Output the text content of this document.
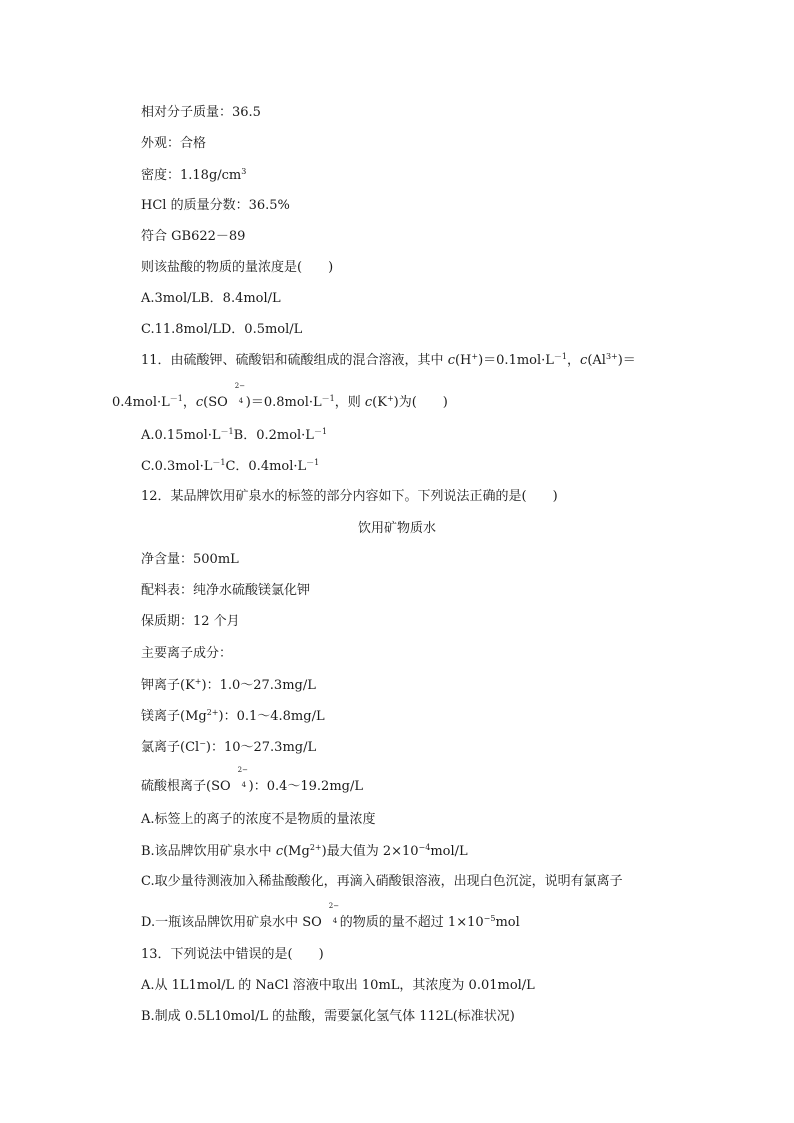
相对分子质量：36.5
外观：合格
密度：$1.18g/cm^3$
HCl 的质量分数：36.5%
符合 GB622－89
则该盐酸的物质的量浓度是(　　)
A.3mol/LB．8.4mol/L
C.11.8mol/LD．0.5mol/L
11．由硫酸钾、硫酸铝和硫酸组成的混合溶液，其中 $c(H^+)=0.1mol\cdot L^{-1}$，$c(Al^{3+})=$
$0.4mol\cdot L^{-1}$，c(SO
2−
4 )$=0.8mol\cdot L^{-1}$，则 c(K+)为(　　)
$A.0.15mol\cdot L^{-1}B$．$0.2mol\cdot L^{-1}$
$C.0.3mol\cdot L^{-1}C$．$0.4mol\cdot L^{-1}$
12．某品牌饮用矿泉水的标签的部分内容如下。下列说法正确的是(　　)
饮用矿物质水
净含量：500mL
配料表：纯净水硫酸镁氯化钾
保质期：12 个月
主要离子成分：
钾离子(K+)：1.0～27.3mg/L
镁离子$(Mg^{2+})$：0.1～4.8mg/L
氯离子(Cl−)：10～27.3mg/L
硫酸根离子(SO
2−
4 )：0.4～19.2mg/L
A.标签上的离子的浓度不是物质的量浓度
B.该品牌饮用矿泉水中 $c(Mg^{2+})$最大值为 $2\times 10^{-4}mol/L$
C.取少量待测液加入稀盐酸酸化，再滴入硝酸银溶液，出现白色沉淀，说明有氯离子
D.一瓶该品牌饮用矿泉水中 SO
2−
4 的物质的量不超过 $1\times 10^{-5}mol$
13．下列说法中错误的是(　　)
A.从 1L1mol/L 的 NaCl 溶液中取出 10mL，其浓度为 0.01mol/L
B.制成 0.5L10mol/L 的盐酸，需要氯化氢气体 112L(标准状况)
